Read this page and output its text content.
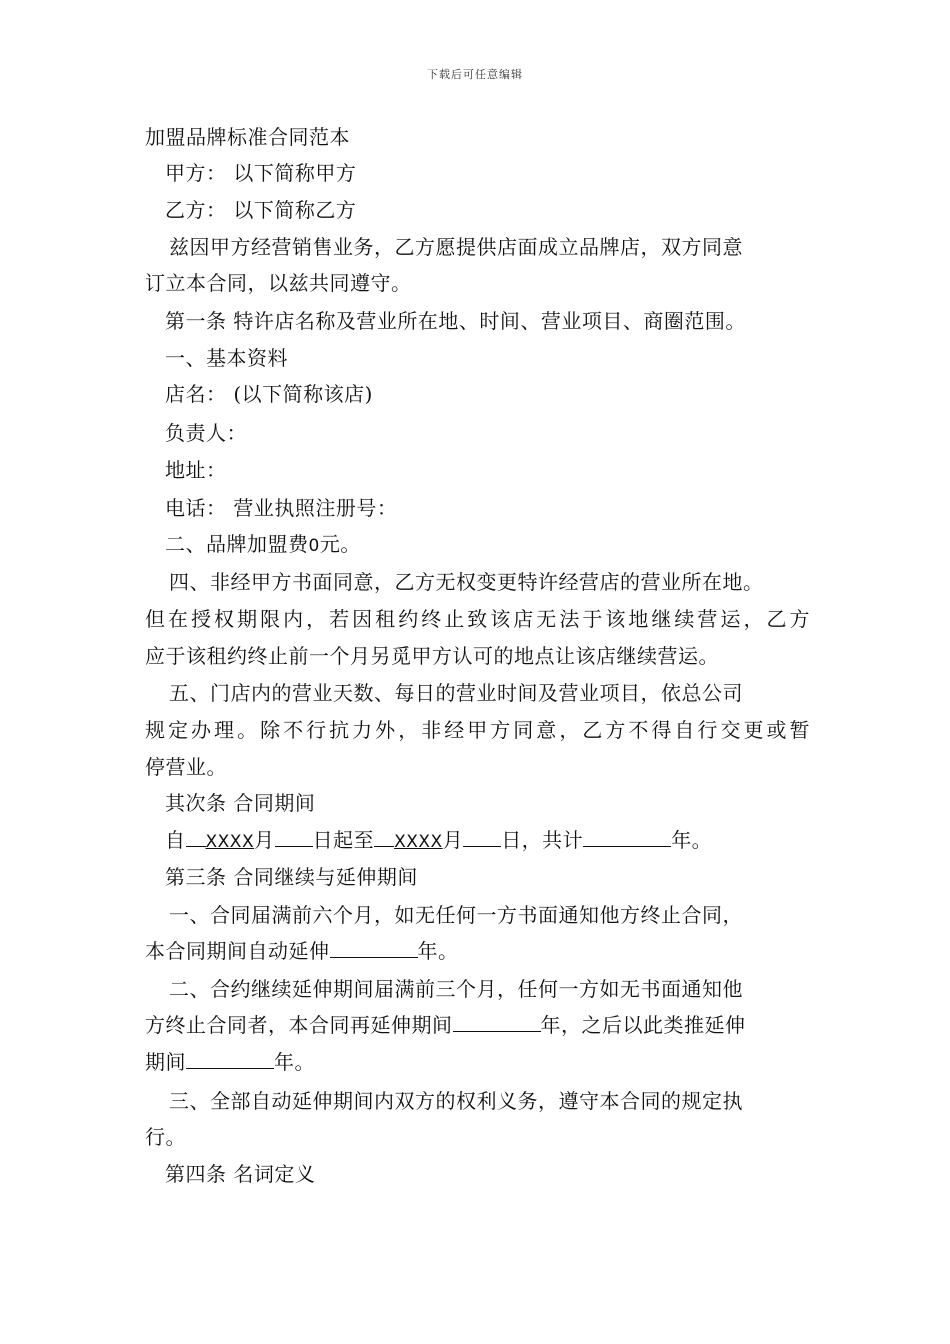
下载后可任意编辑
加盟品牌标准合同范本
甲方： 以下简称甲方
乙方： 以下简称乙方
兹因甲方经营销售业务，乙方愿提供店面成立品牌店，双方同意
订立本合同，以兹共同遵守。
第一条 特许店名称及营业所在地、时间、营业项目、商圈范围。
一、基本资料
店名： (以下简称该店)
负责人：
地址：
电话： 营业执照注册号：
二、品牌加盟费0元。
四、非经甲方书面同意，乙方无权变更特许经营店的营业所在地。
但在授权期限内，若因租约终止致该店无法于该地继续营运，乙方
应于该租约终止前一个月另觅甲方认可的地点让该店继续营运。
五、门店内的营业天数、每日的营业时间及营业项目，依总公司
规定办理。除不行抗力外，非经甲方同意，乙方不得自行交更或暂
停营业。
其次条 合同期间
自 XXXX月 日起至 XXXX月 日，共计	年。
第三条 合同继续与延伸期间
一、合同届满前六个月，如无任何一方书面通知他方终止合同，
本合同期间自动延伸	年。
二、合约继续延伸期间届满前三个月，任何一方如无书面通知他
方终止合同者，本合同再延伸期间	年，之后以此类推延伸
期间	年。
三、全部自动延伸期间内双方的权利义务，遵守本合同的规定执
行。
第四条 名词定义
